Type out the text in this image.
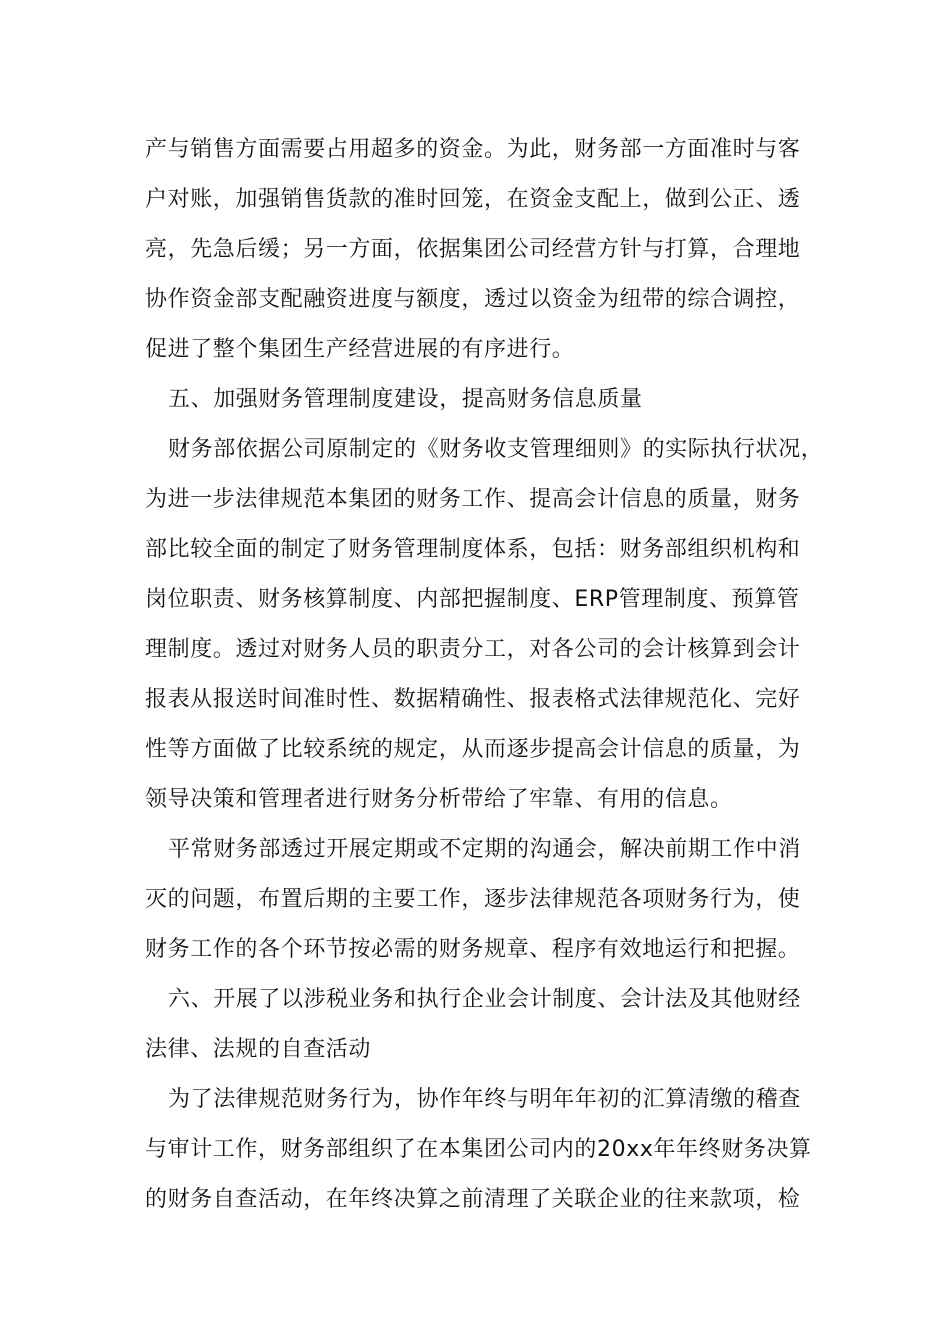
产与销售方面需要占用超多的资金。为此，财务部一方面准时与客

户对账，加强销售货款的准时回笼，在资金支配上，做到公正、透

亮，先急后缓；另一方面，依据集团公司经营方针与打算，合理地

协作资金部支配融资进度与额度，透过以资金为纽带的综合调控，

促进了整个集团生产经营进展的有序进行。

五、加强财务管理制度建设，提高财务信息质量

财务部依据公司原制定的《财务收支管理细则》的实际执行状况，

为进一步法律规范本集团的财务工作、提高会计信息的质量，财务

部比较全面的制定了财务管理制度体系，包括：财务部组织机构和

岗位职责、财务核算制度、内部把握制度、ERP管理制度、预算管

理制度。透过对财务人员的职责分工，对各公司的会计核算到会计

报表从报送时间准时性、数据精确性、报表格式法律规范化、完好

性等方面做了比较系统的规定，从而逐步提高会计信息的质量，为

领导决策和管理者进行财务分析带给了牢靠、有用的信息。

平常财务部透过开展定期或不定期的沟通会，解决前期工作中消

灭的问题，布置后期的主要工作，逐步法律规范各项财务行为，使

财务工作的各个环节按必需的财务规章、程序有效地运行和把握。

六、开展了以涉税业务和执行企业会计制度、会计法及其他财经

法律、法规的自查活动

为了法律规范财务行为，协作年终与明年年初的汇算清缴的稽查

与审计工作，财务部组织了在本集团公司内的20xx年年终财务决算

的财务自查活动，在年终决算之前清理了关联企业的往来款项，检
